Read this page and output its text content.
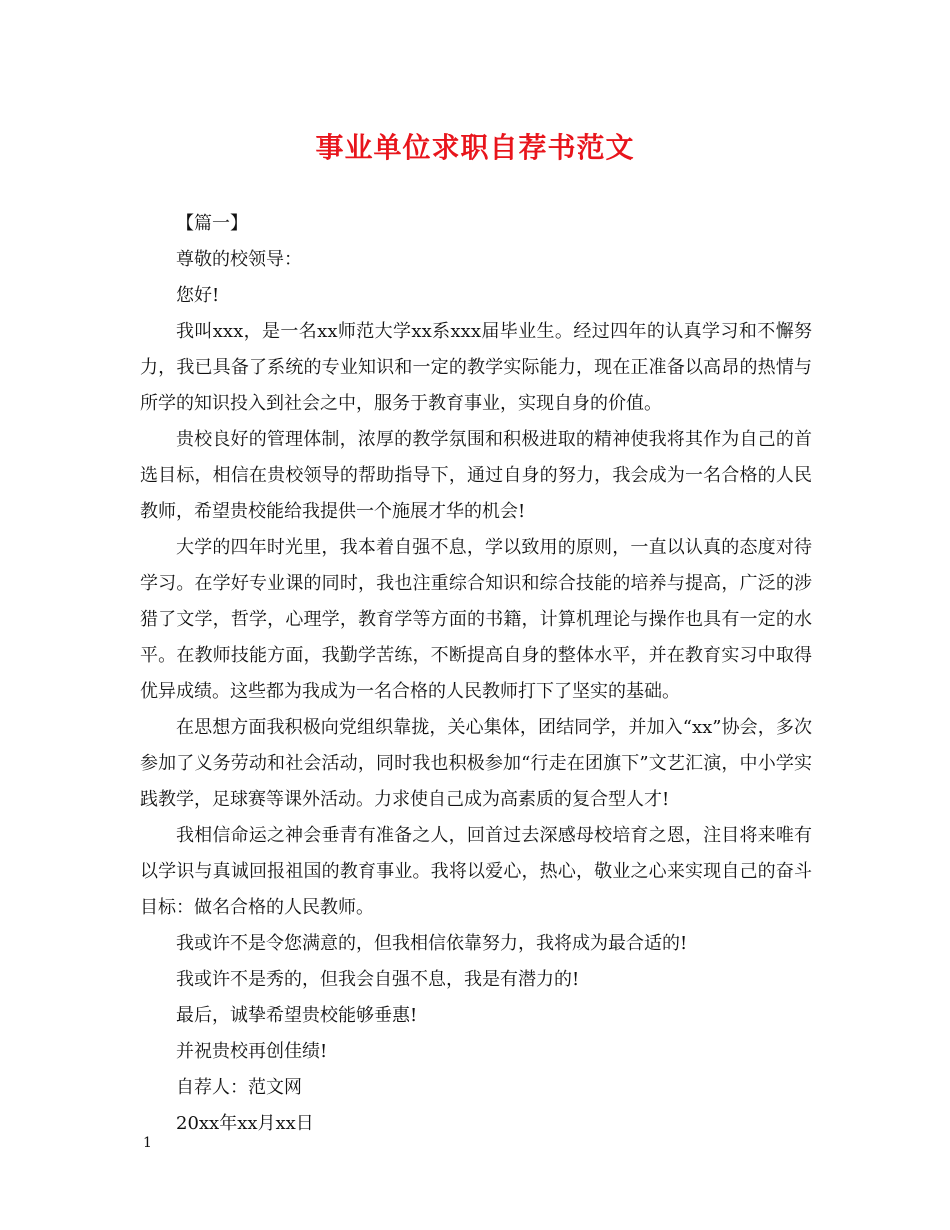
事业单位求职自荐书范文

【篇一】

尊敬的校领导：

您好!

我叫xxx，是一名xx师范大学xx系xxx届毕业生。经过四年的认真学习和不懈努力，我已具备了系统的专业知识和一定的教学实际能力，现在正准备以高昂的热情与所学的知识投入到社会之中，服务于教育事业，实现自身的价值。

贵校良好的管理体制，浓厚的教学氛围和积极进取的精神使我将其作为自己的首选目标，相信在贵校领导的帮助指导下，通过自身的努力，我会成为一名合格的人民教师，希望贵校能给我提供一个施展才华的机会!

大学的四年时光里，我本着自强不息，学以致用的原则，一直以认真的态度对待学习。在学好专业课的同时，我也注重综合知识和综合技能的培养与提高，广泛的涉猎了文学，哲学，心理学，教育学等方面的书籍，计算机理论与操作也具有一定的水平。在教师技能方面，我勤学苦练，不断提高自身的整体水平，并在教育实习中取得优异成绩。这些都为我成为一名合格的人民教师打下了坚实的基础。

在思想方面我积极向党组织靠拢，关心集体，团结同学，并加入“xx”协会，多次参加了义务劳动和社会活动，同时我也积极参加“行走在团旗下”文艺汇演，中小学实践教学，足球赛等课外活动。力求使自己成为高素质的复合型人才!

我相信命运之神会垂青有准备之人，回首过去深感母校培育之恩，注目将来唯有以学识与真诚回报祖国的教育事业。我将以爱心，热心，敬业之心来实现自己的奋斗目标：做名合格的人民教师。

我或许不是令您满意的，但我相信依靠努力，我将成为最合适的!

我或许不是秀的，但我会自强不息，我是有潜力的!

最后，诚挚希望贵校能够垂惠!

并祝贵校再创佳绩!

自荐人：范文网

20xx年xx月xx日

1
